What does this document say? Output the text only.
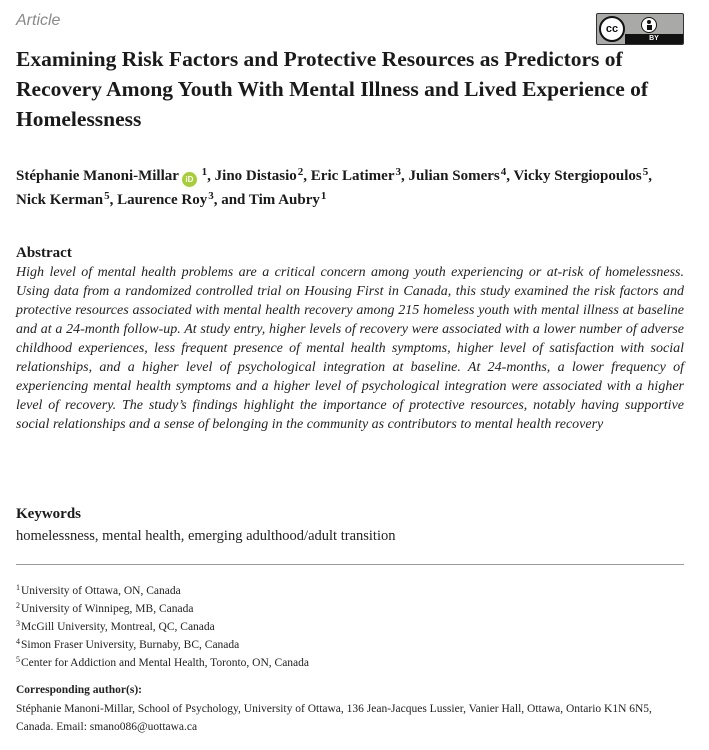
Article	cc
BY
Examining Risk Factors and Protective Resources as Predictors of Recovery Among Youth With Mental Illness and Lived Experience of Homelessness

Stéphanie Manoni-Millar iD $^1$, Jino Distasio$^2$, Eric Latimer$^3$, Julian Somers$^4$, Vicky Stergiopoulos$^5$, Nick Kerman$^5$, Laurence Roy$^3$, and Tim Aubry$^1$

Abstract

High level of mental health problems are a critical concern among youth experiencing or at-risk of homelessness. Using data from a randomized controlled trial on Housing First in Canada, this study examined the risk factors and protective resources associated with mental health recovery among 215 homeless youth with mental illness at baseline and at a 24-month follow-up. At study entry, higher levels of recovery were associated with a lower number of adverse childhood experiences, less frequent presence of mental health symptoms, higher level of satisfaction with social relationships, and a higher level of psychological integration at baseline. At 24-months, a lower frequency of experiencing mental health symptoms and a higher level of psychological integration were associated with a higher level of recovery. The study’s findings highlight the importance of protective resources, notably having supportive social relationships and a sense of belonging in the community as contributors to mental health recovery

Keywords

homelessness, mental health, emerging adulthood/adult transition

$^1$University of Ottawa, ON, Canada
$^2$University of Winnipeg, MB, Canada
$^3$McGill University, Montreal, QC, Canada
$^4$Simon Fraser University, Burnaby, BC, Canada
$^5$Center for Addiction and Mental Health, Toronto, ON, Canada

Corresponding author(s):

Stéphanie Manoni-Millar, School of Psychology, University of Ottawa, 136 Jean-Jacques Lussier, Vanier Hall, Ottawa, Ontario K1N 6N5, Canada. Email: smano086@uottawa.ca
